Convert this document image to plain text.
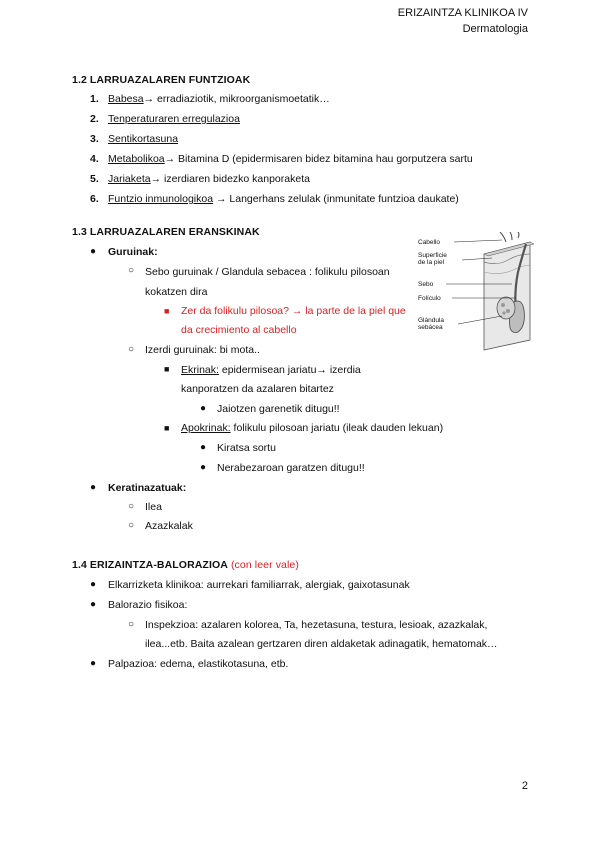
ERIZAINTZA KLINIKOA IV
Dermatologia
1.2 LARRUAZALAREN FUNTZIOAK
1. Babesa→ erradiaziotik, mikroorganismoetatik…
2. Tenperaturaren erregulazioa
3. Sentikortasuna
4. Metabolikoa→ Bitamina D (epidermisaren bidez bitamina hau gorputzera sartu
5. Jariaketa→ izerdiaren bidezko kanporaketa
6. Funtzio inmunologikoa → Langerhans zelulak (inmunitate funtzioa daukate)
1.3 LARRUAZALAREN ERANSKINAK
● Guruinak:
○ Sebo guruinak / Glandula sebacea : folikulu pilosoan
kokatzen dira
■ Zer da folikulu pilosoa? → la parte de la piel que
da crecimiento al cabello
○ Izerdi guruinak: bi mota..
■ Ekrinak: epidermisean jariatu→ izerdia
kanporatzen da azalaren bitartez
● Jaiotzen garenetik ditugu!!
■ Apokrinak: folikulu pilosoan jariatu (ileak dauden lekuan)
● Kiratsa sortu
● Nerabezaroan garatzen ditugu!!
● Keratinazatuak:
○ Ilea
○ Azazkalak
Cabello
Superficie
de la piel
Sebo
Folículo
Glándula
sebácea
1.4 ERIZAINTZA-BALORAZIOA (con leer vale)
● Elkarrizketa klinikoa: aurrekari familiarrak, alergiak, gaixotasunak
● Balorazio fisikoa:
○ Inspekzioa: azalaren kolorea, Ta, hezetasuna, testura, lesioak, azazkalak,
ilea...etb. Baita azalean gertzaren diren aldaketak adinagatik, hematomak…
● Palpazioa: edema, elastikotasuna, etb.
2
